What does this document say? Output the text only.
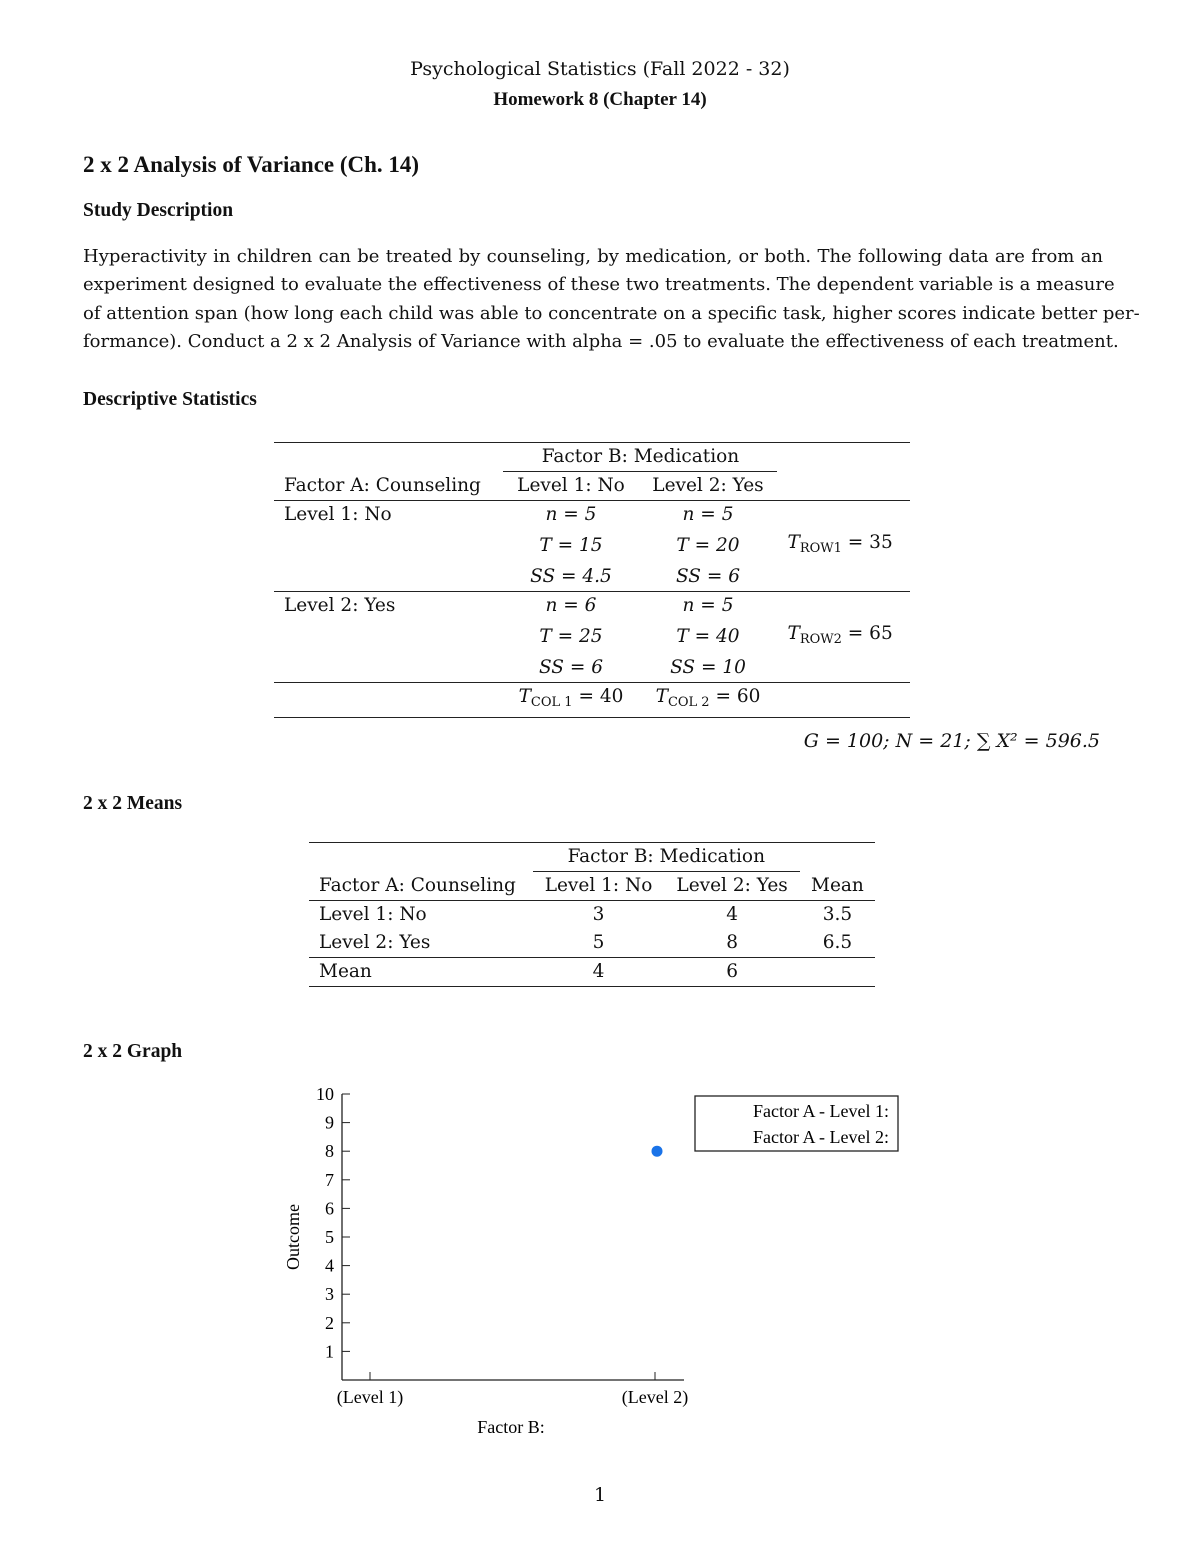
Psychological Statistics (Fall 2022 - 32)
Homework 8 (Chapter 14)
2 x 2 Analysis of Variance (Ch. 14)
Study Description
Hyperactivity in children can be treated by counseling, by medication, or both. The following data are from an
experiment designed to evaluate the effectiveness of these two treatments. The dependent variable is a measure
of attention span (how long each child was able to concentrate on a specific task, higher scores indicate better per-
formance). Conduct a 2 x 2 Analysis of Variance with alpha = .05 to evaluate the effectiveness of each treatment.
Descriptive Statistics
	Factor B: Medication		
Factor A: Counseling	Level 1: No	Level 2: Yes	
Level 1: No	n = 5	n = 5	
	T = 15	T = 20	$T_{ROW1} = 35$
	SS = 4.5	SS = 6	
Level 2: Yes	n = 6	n = 5	
	T = 25	T = 40	$T_{ROW2} = 65$
	SS = 6	SS = 10	
	$T_{COL 1} = 40$	$T_{COL 2} = 60$	
G = 100; N = 21; ∑ X² = 596.5
2 x 2 Means
	Factor B: Medication		
Factor A: Counseling	Level 1: No	Level 2: Yes	Mean
Level 1: No	3	4	3.5
Level 2: Yes	5	8	6.5
Mean	4	6	
2 x 2 Graph
1
2
3
4
5
6
7
8
9
10
(Level 1)	(Level 2)
Factor B:
Outcome
Factor A - Level 1:
Factor A - Level 2:
1
